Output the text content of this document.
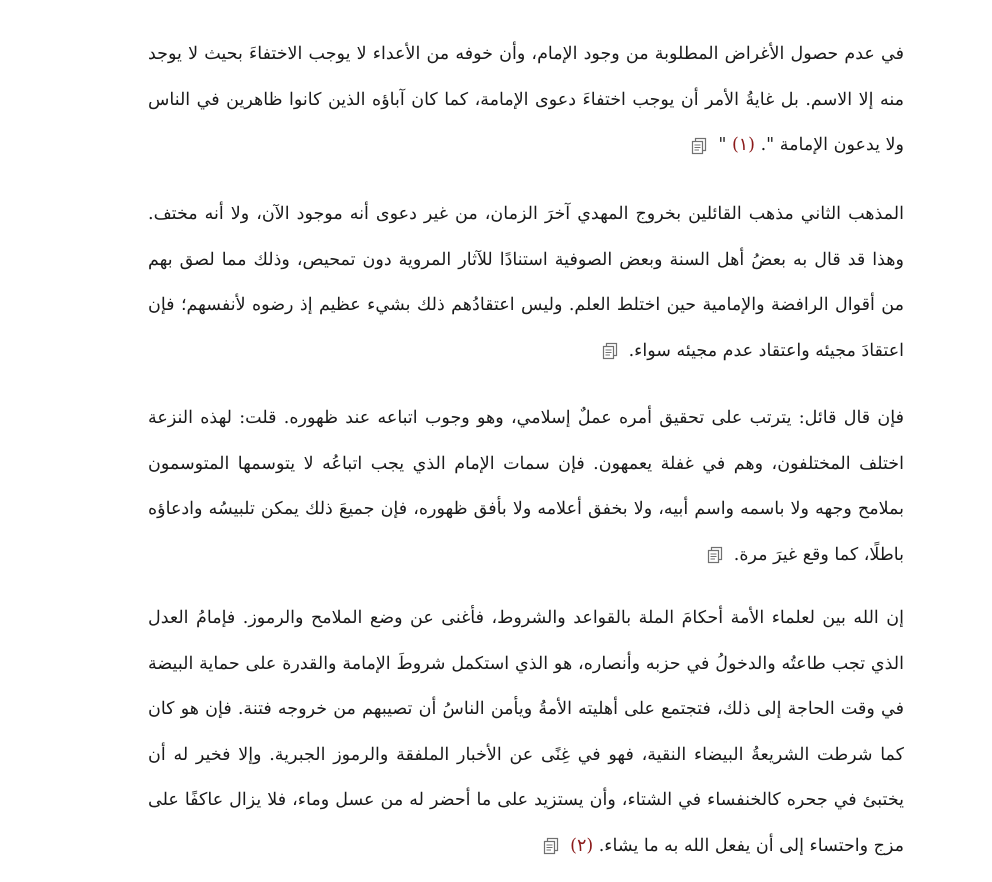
في عدم حصول الأغراض المطلوبة من وجود الإمام، وأن خوفه من الأعداء لا يوجب الاختفاءَ بحيث لا يوجد منه إلا الاسم. بل غايةُ الأمر أن يوجب اختفاءَ دعوى الإمامة، كما كان آباؤه الذين كانوا ظاهرين في الناس ولا يدعون الإمامة ". (١) "

المذهب الثاني مذهب القائلين بخروج المهدي آخرَ الزمان، من غير دعوى أنه موجود الآن، ولا أنه مختف. وهذا قد قال به بعضُ أهل السنة وبعض الصوفية استنادًا للآثار المروية دون تمحيص، وذلك مما لصق بهم من أقوال الرافضة والإمامية حين اختلط العلم. وليس اعتقادُهم ذلك بشيء عظيم إذ رضوه لأنفسهم؛ فإن اعتقادَ مجيئه واعتقاد عدم مجيئه سواء.

فإن قال قائل: يترتب على تحقيق أمره عملٌ إسلامي، وهو وجوب اتباعه عند ظهوره. قلت: لهذه النزعة اختلف المختلفون، وهم في غفلة يعمهون. فإن سمات الإمام الذي يجب اتباعُه لا يتوسمها المتوسمون بملامح وجهه ولا باسمه واسم أبيه، ولا بخفق أعلامه ولا بأفق ظهوره، فإن جميعَ ذلك يمكن تلبيسُه وادعاؤه باطلًا، كما وقع غيرَ مرة.

إن الله بين لعلماء الأمة أحكامَ الملة بالقواعد والشروط، فأغنى عن وضع الملامح والرموز. فإمامُ العدل الذي تجب طاعتُه والدخولُ في حزبه وأنصاره، هو الذي استكمل شروطَ الإمامة والقدرة على حماية البيضة في وقت الحاجة إلى ذلك، فتجتمع على أهليته الأمةُ ويأمن الناسُ أن تصيبهم من خروجه فتنة. فإن هو كان كما شرطت الشريعةُ البيضاء النقية، فهو في غِنًى عن الأخبار الملفقة والرموز الجبرية. وإلا فخير له أن يختبئ في جحره كالخنفساء في الشتاء، وأن يستزيد على ما أحضر له من عسل وماء، فلا يزال عاكفًا على مزج واحتساء إلى أن يفعل الله به ما يشاء. (٢)
